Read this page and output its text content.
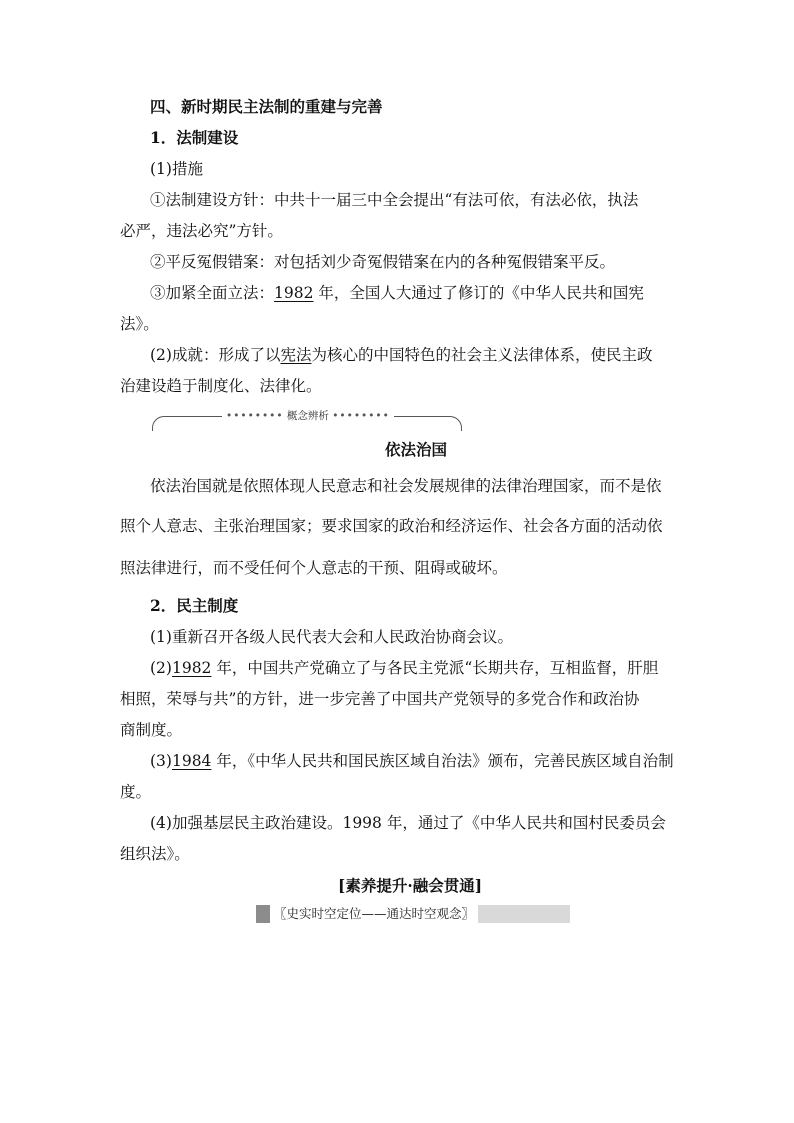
四、新时期民主法制的重建与完善
1．法制建设
(1)措施
①法制建设方针：中共十一届三中全会提出“有法可依，有法必依，执法
必严，违法必究”方针。
②平反冤假错案：对包括刘少奇冤假错案在内的各种冤假错案平反。
③加紧全面立法：1982 年，全国人大通过了修订的《中华人民共和国宪
法》。
(2)成就：形成了以宪法为核心的中国特色的社会主义法律体系，使民主政
治建设趋于制度化、法律化。
•••••••• 概念辨析 ••••••••
依法治国
依法治国就是依照体现人民意志和社会发展规律的法律治理国家，而不是依
照个人意志、主张治理国家；要求国家的政治和经济运作、社会各方面的活动依
照法律进行，而不受任何个人意志的干预、阻碍或破坏。
2．民主制度
(1)重新召开各级人民代表大会和人民政治协商会议。
(2)1982 年，中国共产党确立了与各民主党派“长期共存，互相监督，肝胆
相照，荣辱与共”的方针，进一步完善了中国共产党领导的多党合作和政治协
商制度。
(3)1984 年，《中华人民共和国民族区域自治法》颁布，完善民族区域自治制
度。
(4)加强基层民主政治建设。1998 年，通过了《中华人民共和国村民委员会
组织法》。
[素养提升·融会贯通]
〖史实时空定位——通达时空观念〗
